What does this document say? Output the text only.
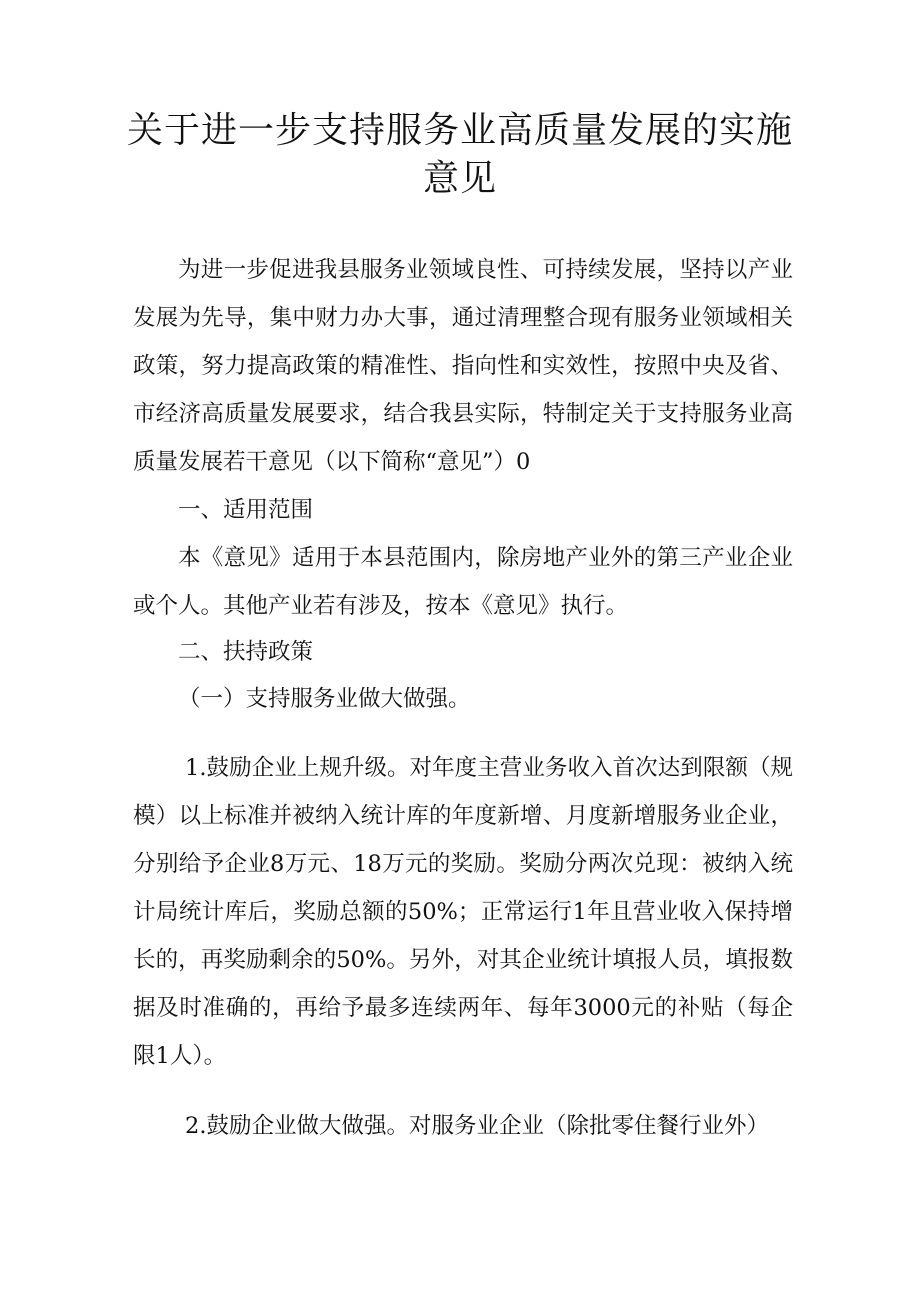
关于进一步支持服务业高质量发展的实施
意见

为进一步促进我县服务业领域良性、可持续发展，坚持以产业发展为先导，集中财力办大事，通过清理整合现有服务业领域相关政策，努力提高政策的精准性、指向性和实效性，按照中央及省、市经济高质量发展要求，结合我县实际，特制定关于支持服务业高质量发展若干意见（以下简称“意见”）0

一、适用范围

本《意见》适用于本县范围内，除房地产业外的第三产业企业或个人。其他产业若有涉及，按本《意见》执行。

二、扶持政策

（一）支持服务业做大做强。

1.鼓励企业上规升级。对年度主营业务收入首次达到限额（规模）以上标准并被纳入统计库的年度新增、月度新增服务业企业，分别给予企业8万元、18万元的奖励。奖励分两次兑现：被纳入统计局统计库后，奖励总额的50%；正常运行1年且营业收入保持增长的，再奖励剩余的50%。另外，对其企业统计填报人员，填报数据及时准确的，再给予最多连续两年、每年3000元的补贴（每企限1人）。

2.鼓励企业做大做强。对服务业企业（除批零住餐行业外）
